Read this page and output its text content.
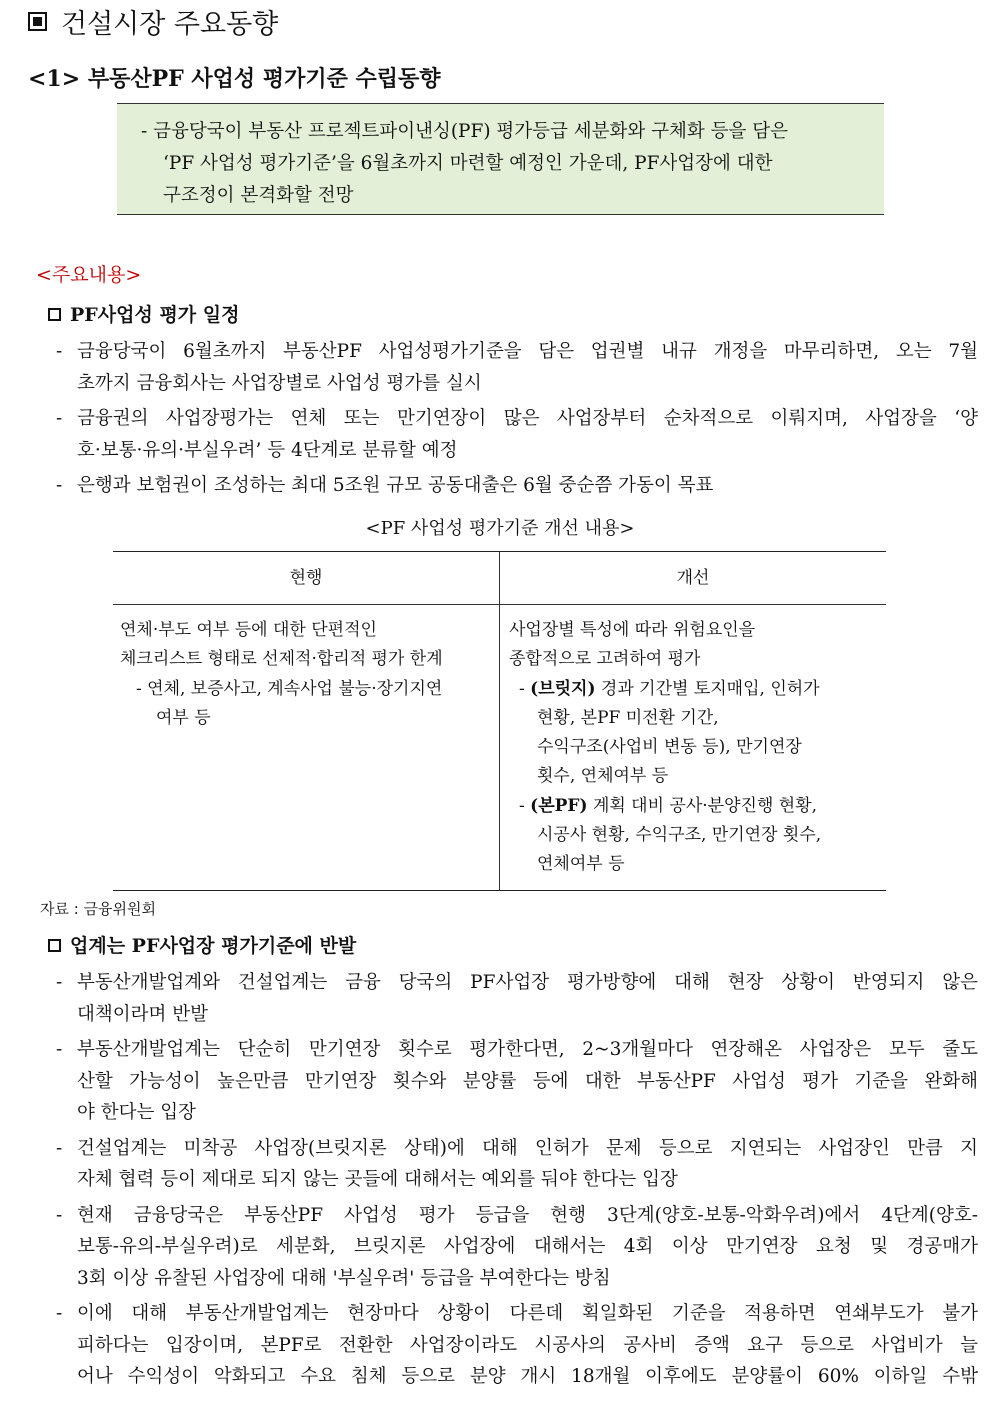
건설시장 주요동향
<1> 부동산PF 사업성 평가기준 수립동향
- 금융당국이 부동산 프로젝트파이낸싱(PF) 평가등급 세분화와 구체화 등을 담은
‘PF 사업성 평가기준’을 6월초까지 마련할 예정인 가운데, PF사업장에 대한
구조정이 본격화할 전망
<주요내용>
PF사업성 평가 일정
- 금융당국이 6월초까지 부동산PF 사업성평가기준을 담은 업권별 내규 개정을 마무리하면, 오는 7월
초까지 금융회사는 사업장별로 사업성 평가를 실시
- 금융권의 사업장평가는 연체 또는 만기연장이 많은 사업장부터 순차적으로 이뤄지며, 사업장을 ‘양
호·보통·유의·부실우려’ 등 4단계로 분류할 예정
- 은행과 보험권이 조성하는 최대 5조원 규모 공동대출은 6월 중순쯤 가동이 목표
<PF 사업성 평가기준 개선 내용>
현행	개선
연체·부도 여부 등에 대한 단편적인
체크리스트 형태로 선제적·합리적 평가 한계
- 연체, 보증사고, 계속사업 불능·장기지연
여부 등
사업장별 특성에 따라 위험요인을
종합적으로 고려하여 평가
- (브릿지) 경과 기간별 토지매입, 인허가
현황, 본PF 미전환 기간,
수익구조(사업비 변동 등), 만기연장
횟수, 연체여부 등
- (본PF) 계획 대비 공사·분양진행 현황,
시공사 현황, 수익구조, 만기연장 횟수,
연체여부 등
자료 : 금융위원회
업계는 PF사업장 평가기준에 반발
- 부동산개발업계와 건설업계는 금융 당국의 PF사업장 평가방향에 대해 현장 상황이 반영되지 않은
대책이라며 반발
- 부동산개발업계는 단순히 만기연장 횟수로 평가한다면, 2~3개월마다 연장해온 사업장은 모두 줄도
산할 가능성이 높은만큼 만기연장 횟수와 분양률 등에 대한 부동산PF 사업성 평가 기준을 완화해
야 한다는 입장
- 건설업계는 미착공 사업장(브릿지론 상태)에 대해 인허가 문제 등으로 지연되는 사업장인 만큼 지
자체 협력 등이 제대로 되지 않는 곳들에 대해서는 예외를 둬야 한다는 입장
- 현재 금융당국은 부동산PF 사업성 평가 등급을 현행 3단계(양호-보통-악화우려)에서 4단계(양호-
보통-유의-부실우려)로 세분화, 브릿지론 사업장에 대해서는 4회 이상 만기연장 요청 및 경공매가
3회 이상 유찰된 사업장에 대해 '부실우려' 등급을 부여한다는 방침
- 이에 대해 부동산개발업계는 현장마다 상황이 다른데 획일화된 기준을 적용하면 연쇄부도가 불가
피하다는 입장이며, 본PF로 전환한 사업장이라도 시공사의 공사비 증액 요구 등으로 사업비가 늘
어나 수익성이 악화되고 수요 침체 등으로 분양 개시 18개월 이후에도 분양률이 60% 이하일 수밖
